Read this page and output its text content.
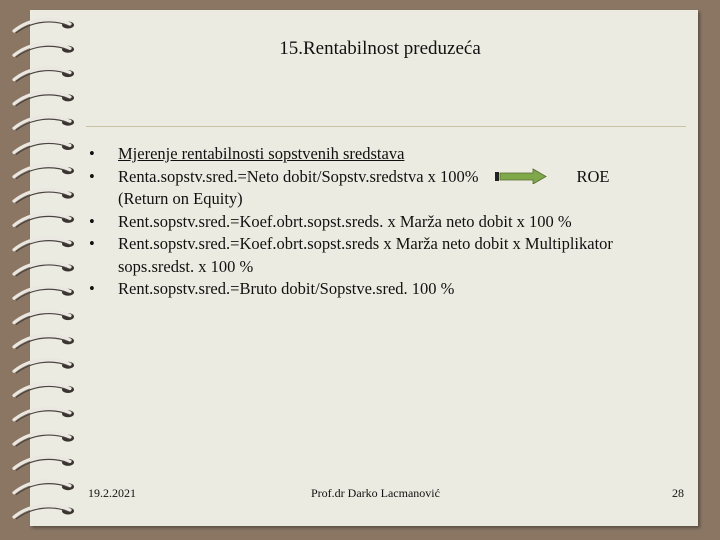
15.Rentabilnost preduzeća
• Mjerenje rentabilnosti sopstvenih sredstava
• Renta.sopstv.sred.=Neto dobit/Sopstv.sredstva x 100%	ROE
(Return on Equity)
• Rent.sopstv.sred.=Koef.obrt.sopst.sreds. x Marža neto dobit x 100 %
• Rent.sopstv.sred.=Koef.obrt.sopst.sreds x Marža neto dobit x Multiplikator sops.sredst. x 100 %
• Rent.sopstv.sred.=Bruto dobit/Sopstve.sred. 100 %
19.2.2021	Prof.dr Darko Lacmanović	28
